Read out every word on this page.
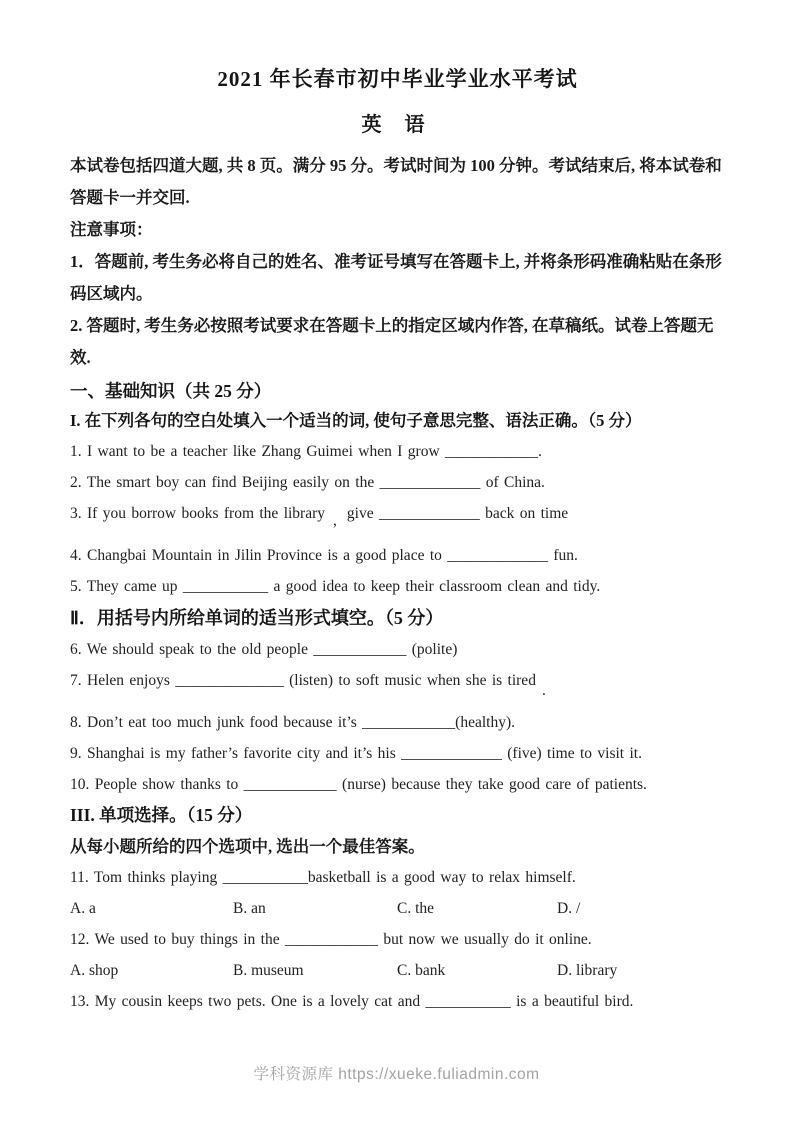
2021 年长春市初中毕业学业水平考试
英 语

本试卷包括四道大题, 共 8 页。满分 95 分。考试时间为 100 分钟。考试结束后, 将本试卷和答题卡一并交回.

注意事项：

1．答题前, 考生务必将自己的姓名、准考证号填写在答题卡上, 并将条形码准确粘贴在条形码区域内。

2. 答题时, 考生务必按照考试要求在答题卡上的指定区域内作答, 在草稿纸。试卷上答题无效.

一、基础知识（共 25 分）
I. 在下列各句的空白处填入一个适当的词, 使句子意思完整、语法正确。（5 分）

1. I want to be a teacher like Zhang Guimei when I grow ____________.

2. The smart boy can find Beijing easily on the _____________ of China.

3. If you borrow books from the library , give _____________ back on time

4. Changbai Mountain in Jilin Province is a good place to _____________ fun.

5. They came up ___________ a good idea to keep their classroom clean and tidy.

Ⅱ．用括号内所给单词的适当形式填空。（5 分）

6. We should speak to the old people ____________ (polite)

7. Helen enjoys ______________ (listen) to soft music when she is tired.

8. Don’t eat too much junk food because it’s ____________(healthy).

9. Shanghai is my father’s favorite city and it’s his _____________ (five) time to visit it.

10. People show thanks to ____________ (nurse) because they take good care of patients.

III. 单项选择。（15 分）

从每小题所给的四个选项中, 选出一个最佳答案。

11. Tom thinks playing ___________basketball is a good way to relax himself.

A. a	B. an	C. the	D. /

12. We used to buy things in the ____________ but now we usually do it online.

A. shop	B. museum	C. bank	D. library

13. My cousin keeps two pets. One is a lovely cat and ___________ is a beautiful bird.

学科资源库 https://xueke.fuliadmin.com
